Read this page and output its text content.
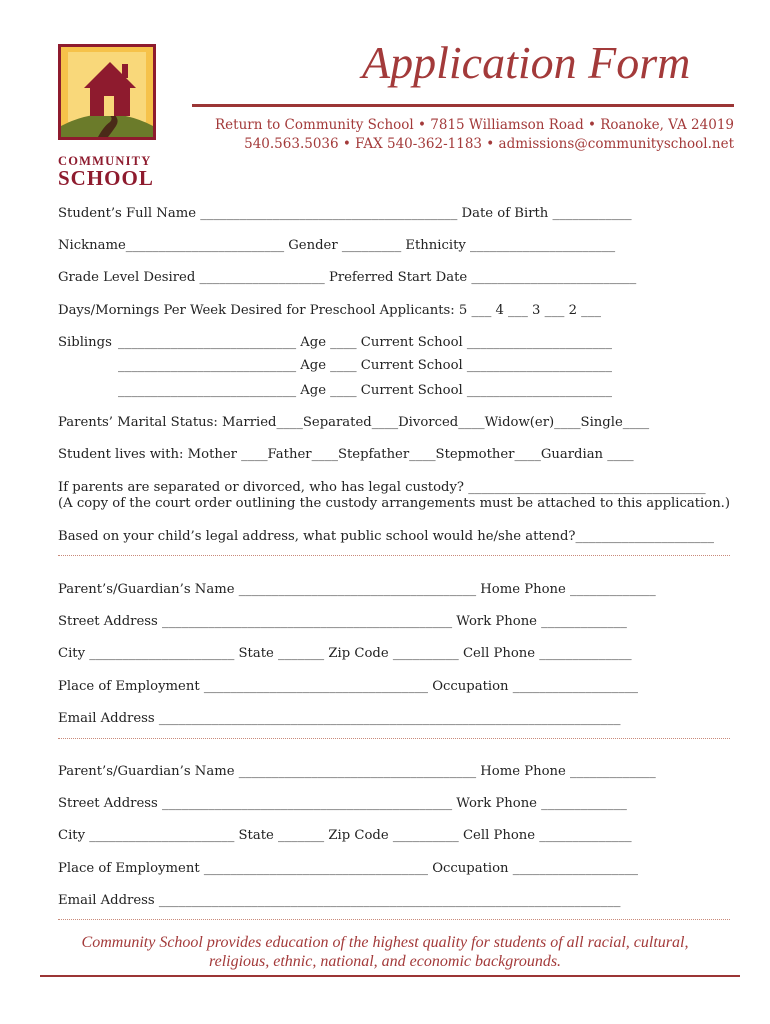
COMMUNITY
SCHOOL
Application Form
Return to Community School • 7815 Williamson Road • Roanoke, VA 24019
540.563.5036 • FAX 540-362-1183 • admissions@communityschool.net
Student’s Full Name _______________________________________ Date of Birth ____________
Nickname________________________ Gender _________ Ethnicity ______________________
Grade Level Desired ___________________ Preferred Start Date _________________________
Days/Mornings Per Week Desired for Preschool Applicants: 5 ___ 4 ___ 3 ___ 2 ___
Siblings ___________________________ Age ____ Current School ______________________
___________________________ Age ____ Current School ______________________
___________________________ Age ____ Current School ______________________
Parents’ Marital Status: Married____Separated____Divorced____Widow(er)____Single____
Student lives with: Mother ____Father____Stepfather____Stepmother____Guardian ____
If parents are separated or divorced, who has legal custody? ____________________________________
(A copy of the court order outlining the custody arrangements must be attached to this application.)
Based on your child’s legal address, what public school would he/she attend?_____________________
Parent’s/Guardian’s Name ____________________________________ Home Phone _____________
Street Address ____________________________________________ Work Phone _____________
City ______________________ State _______ Zip Code __________ Cell Phone ______________
Place of Employment __________________________________ Occupation ___________________
Email Address ______________________________________________________________________
Parent’s/Guardian’s Name ____________________________________ Home Phone _____________
Street Address ____________________________________________ Work Phone _____________
City ______________________ State _______ Zip Code __________ Cell Phone ______________
Place of Employment __________________________________ Occupation ___________________
Email Address ______________________________________________________________________
Community School provides education of the highest quality for students of all racial, cultural,
religious, ethnic, national, and economic backgrounds.
